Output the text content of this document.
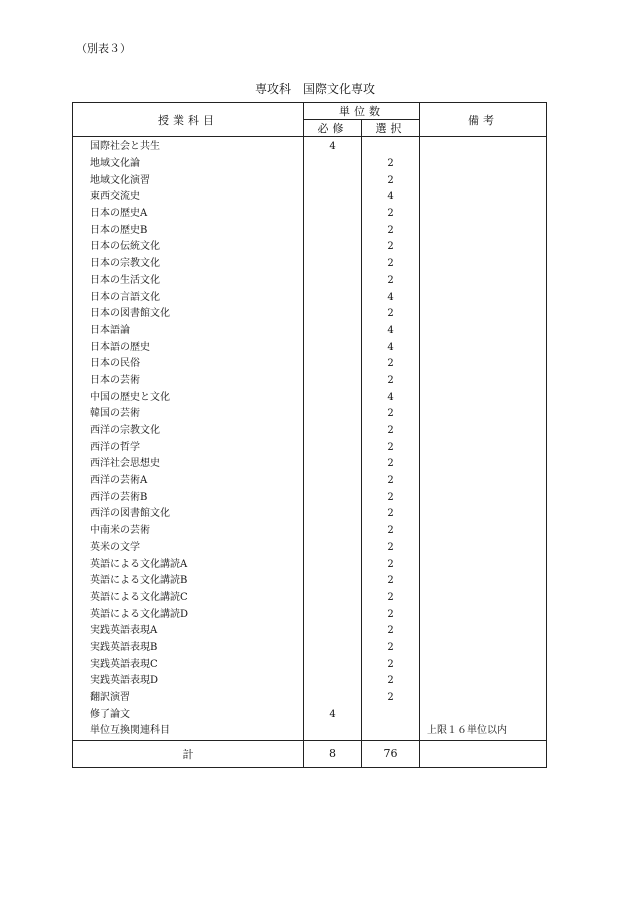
（別表３）
専攻科　国際文化専攻
授業科目	単位数		備考
	必修	選択	
国際社会と共生	4		
地域文化論		2	
地域文化演習		2	
東西交流史		4	
日本の歴史A		2	
日本の歴史B		2	
日本の伝統文化		2	
日本の宗教文化		2	
日本の生活文化		2	
日本の言語文化		4	
日本の図書館文化		2	
日本語論		4	
日本語の歴史		4	
日本の民俗		2	
日本の芸術		2	
中国の歴史と文化		4	
韓国の芸術		2	
西洋の宗教文化		2	
西洋の哲学		2	
西洋社会思想史		2	
西洋の芸術A		2	
西洋の芸術B		2	
西洋の図書館文化		2	
中南米の芸術		2	
英米の文学		2	
英語による文化講読A		2	
英語による文化講読B		2	
英語による文化講読C		2	
英語による文化講読D		2	
実践英語表現A		2	
実践英語表現B		2	
実践英語表現C		2	
実践英語表現D		2	
翻訳演習		2	
修了論文	4		
単位互換関連科目			上限１６単位以内
計	8	76	
